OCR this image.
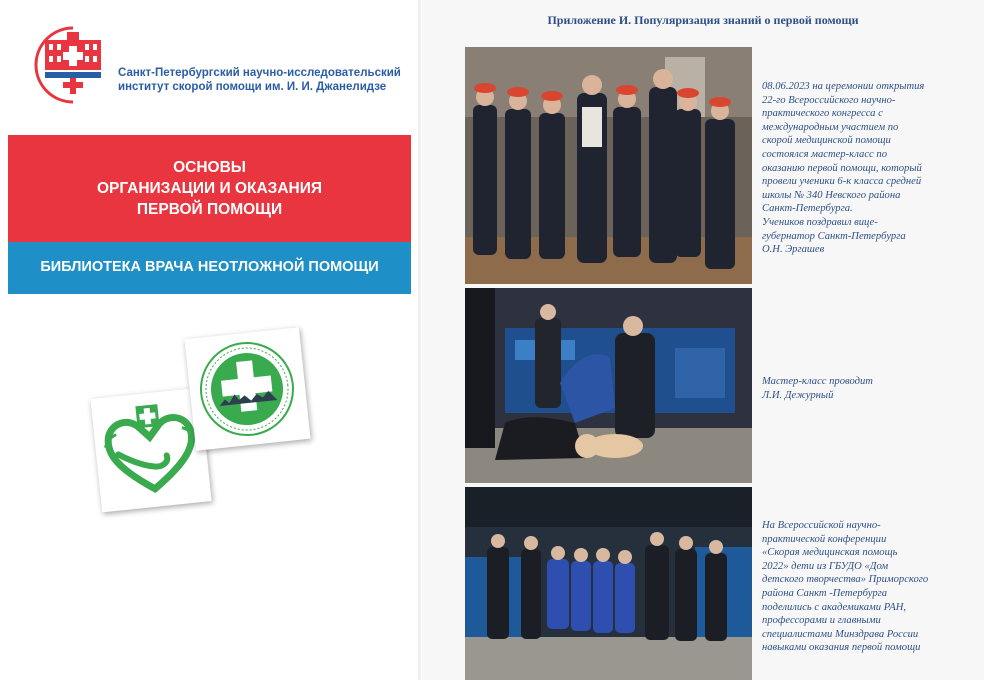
Санкт-Петербургский научно-исследовательский
институт скорой помощи им. И. И. Джанелидзе
ОСНОВЫ
ОРГАНИЗАЦИИ И ОКАЗАНИЯ
ПЕРВОЙ ПОМОЩИ
БИБЛИОТЕКА ВРАЧА НЕОТЛОЖНОЙ ПОМОЩИ
Приложение И. Популяризация знаний о первой помощи
08.06.2023 на церемонии открытия
22-го Всероссийского научно-
практического конгресса с
международным участием по
скорой медицинской помощи
состоялся мастер-класс по
оказанию первой помощи, который
провели ученики 6-к класса средней
школы № 340 Невского района
Санкт-Петербурга.
Учеников поздравил вице-
губернатор Санкт-Петербурга
О.Н. Эргашев
Мастер-класс проводит
Л.И. Дежурный
На Всероссийской научно-
практической конференции
«Скорая медицинская помощь
2022» дети из ГБУДО «Дом
детского творчества» Приморского
района Санкт -Петербурга
поделились с академиками РАН,
профессорами и главными
специалистами Минздрава России
навыками оказания первой помощи
